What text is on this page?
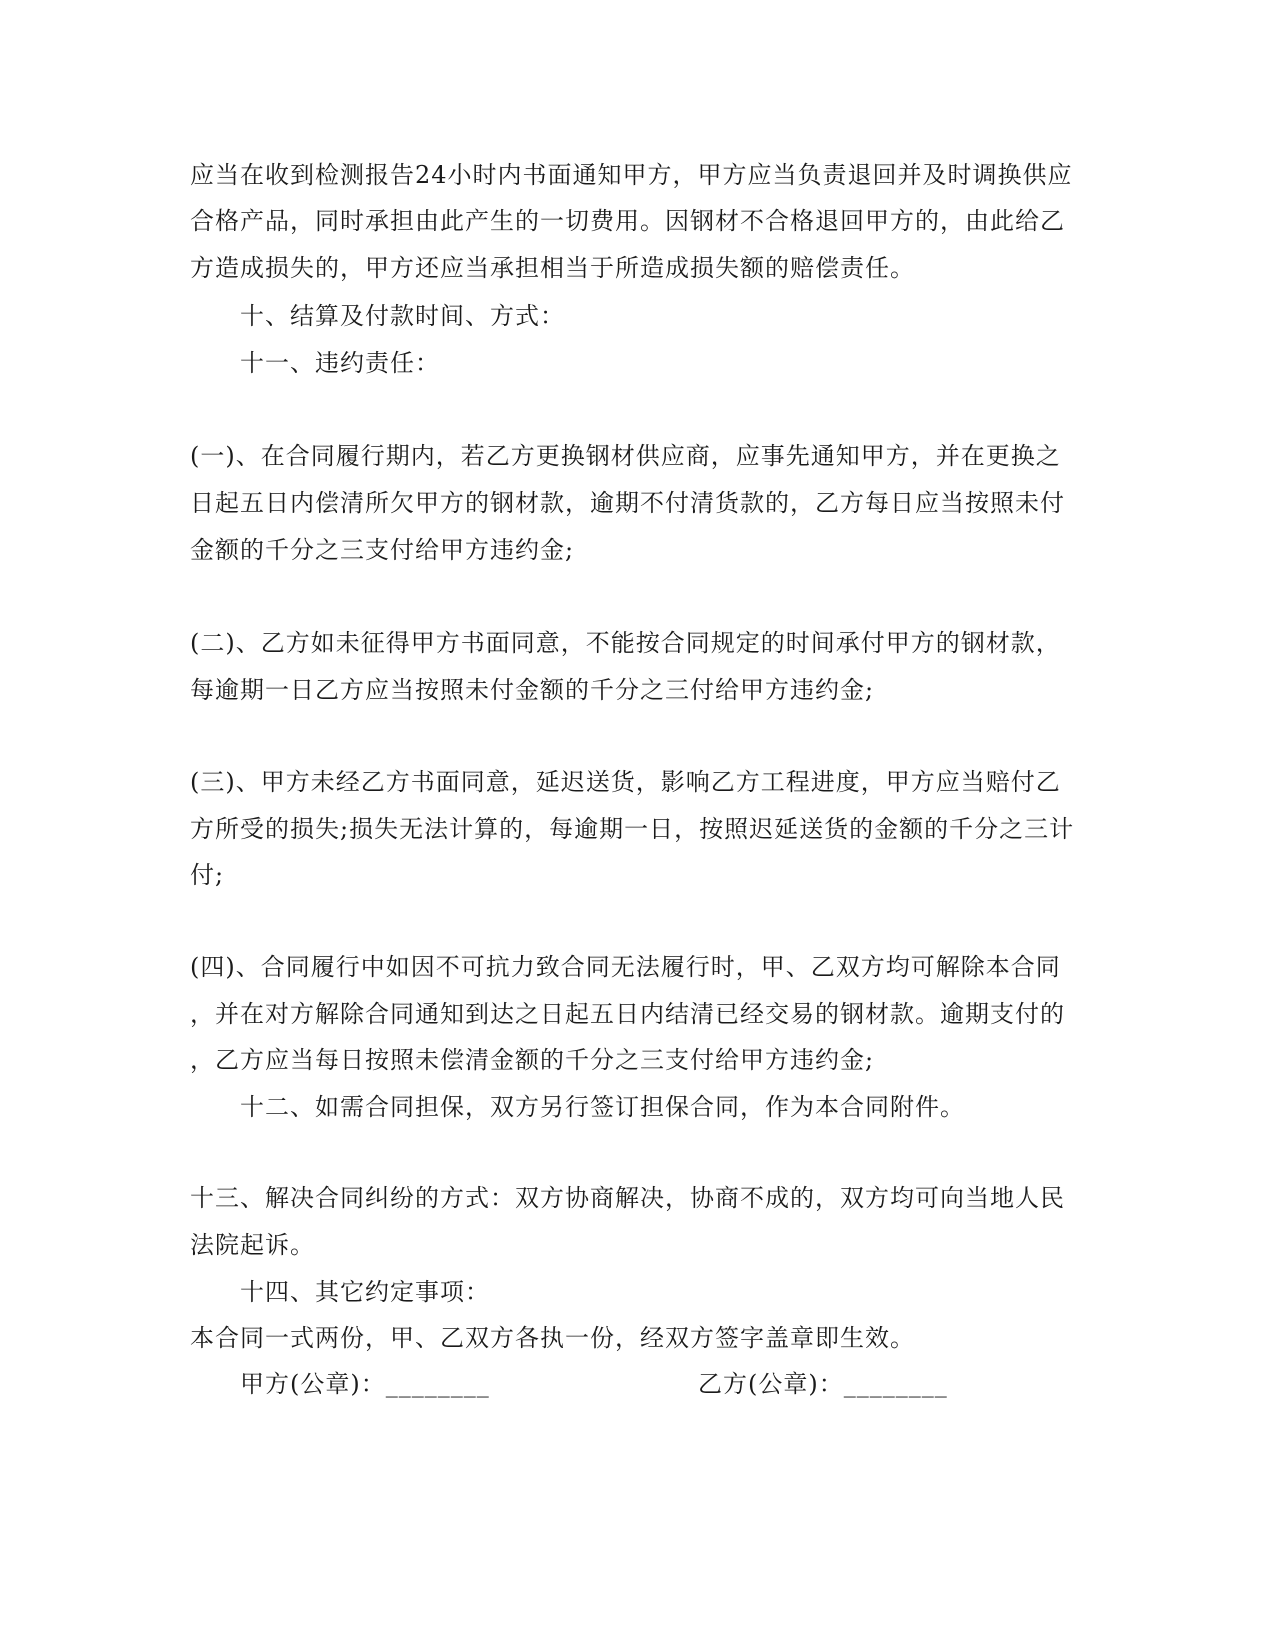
应当在收到检测报告24小时内书面通知甲方，甲方应当负责退回并及时调换供应
合格产品，同时承担由此产生的一切费用。因钢材不合格退回甲方的，由此给乙
方造成损失的，甲方还应当承担相当于所造成损失额的赔偿责任。
十、结算及付款时间、方式：
十一、违约责任：
(一)、在合同履行期内，若乙方更换钢材供应商，应事先通知甲方，并在更换之
日起五日内偿清所欠甲方的钢材款，逾期不付清货款的，乙方每日应当按照未付
金额的千分之三支付给甲方违约金;
(二)、乙方如未征得甲方书面同意，不能按合同规定的时间承付甲方的钢材款，
每逾期一日乙方应当按照未付金额的千分之三付给甲方违约金;
(三)、甲方未经乙方书面同意，延迟送货，影响乙方工程进度，甲方应当赔付乙
方所受的损失;损失无法计算的，每逾期一日，按照迟延送货的金额的千分之三计
付;
(四)、合同履行中如因不可抗力致合同无法履行时，甲、乙双方均可解除本合同
，并在对方解除合同通知到达之日起五日内结清已经交易的钢材款。逾期支付的
，乙方应当每日按照未偿清金额的千分之三支付给甲方违约金;
十二、如需合同担保，双方另行签订担保合同，作为本合同附件。
十三、解决合同纠纷的方式：双方协商解决，协商不成的，双方均可向当地人民
法院起诉。
十四、其它约定事项：
本合同一式两份，甲、乙双方各执一份，经双方签字盖章即生效。
甲方(公章)：________	乙方(公章)：________
